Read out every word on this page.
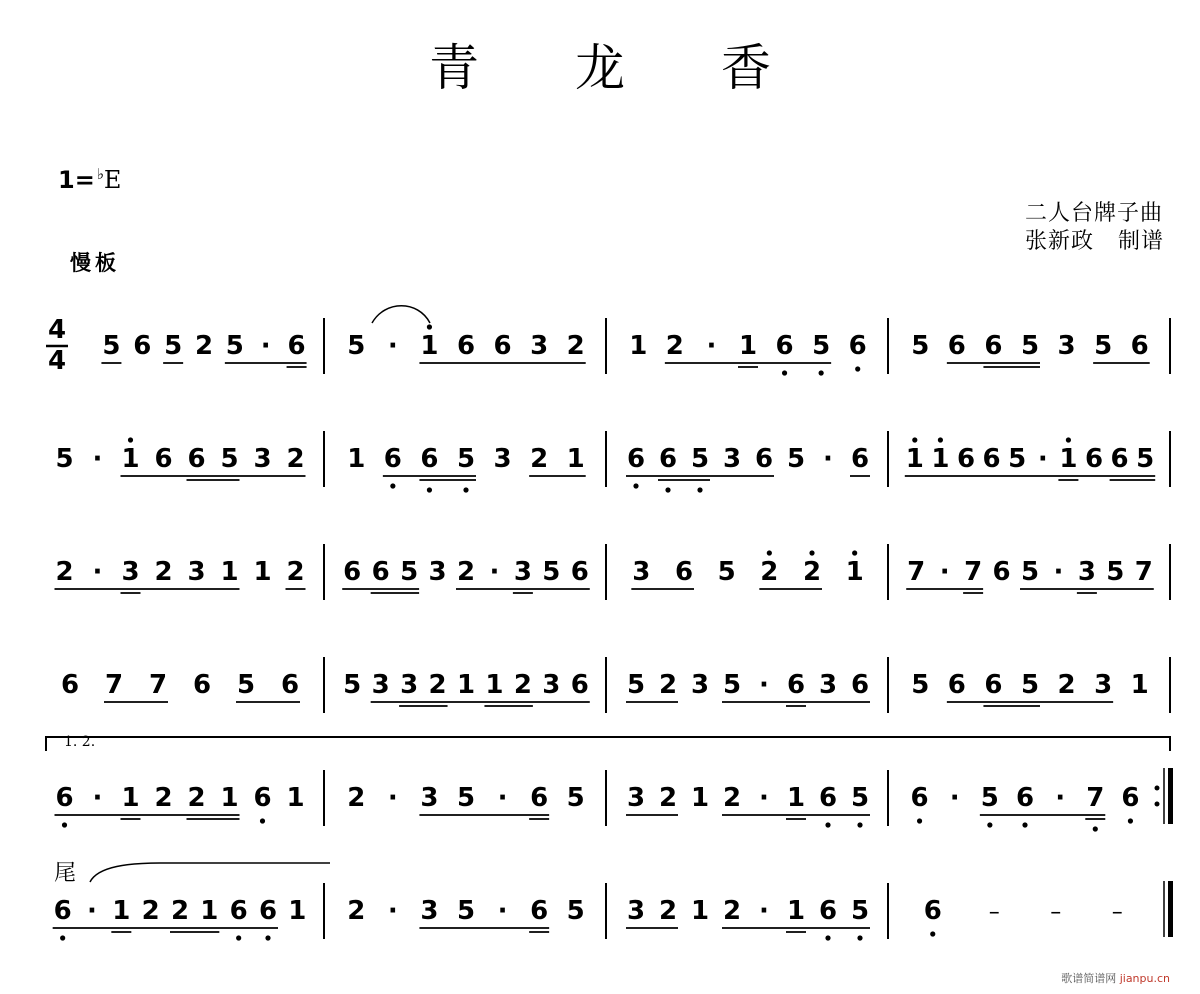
青龙香
1= ♭E
慢板
二人台牌子曲
张新政   制谱
4
4 5 6 5 2 5 · 6 5 · 1 6 6 3 2 1 2 · 1 6 5 6 5 6 6 5 3 5 6
5 · 1 6 6 5 3 2 1 6 6 5 3 2 1 6 6 5 3 6 5 · 6 1 1 6 6 5 · 1 6 6 5
2 · 3 2 3 1 1 2 6 6 5 3 2 · 3 5 6 3 6 5 2 2 1 7 · 7 6 5 · 3 5 7
6 7 7 6 5 6 5 3 3 2 1 1 2 3 6 5 2 3 5 · 6 3 6 5 6 6 5 2 3 1
6 · 1 2 2 1 6 1 2 · 3 5 · 6 5 3 2 1 2 · 1 6 5 6 · 5 6 · 7 6
6 · 1 2 2 1 6 6 1 2 · 3 5 · 6 5 3 2 1 2 · 1 6 5 6 – – –
1. 2.
尾
歌谱简谱网 jianpu.cn
